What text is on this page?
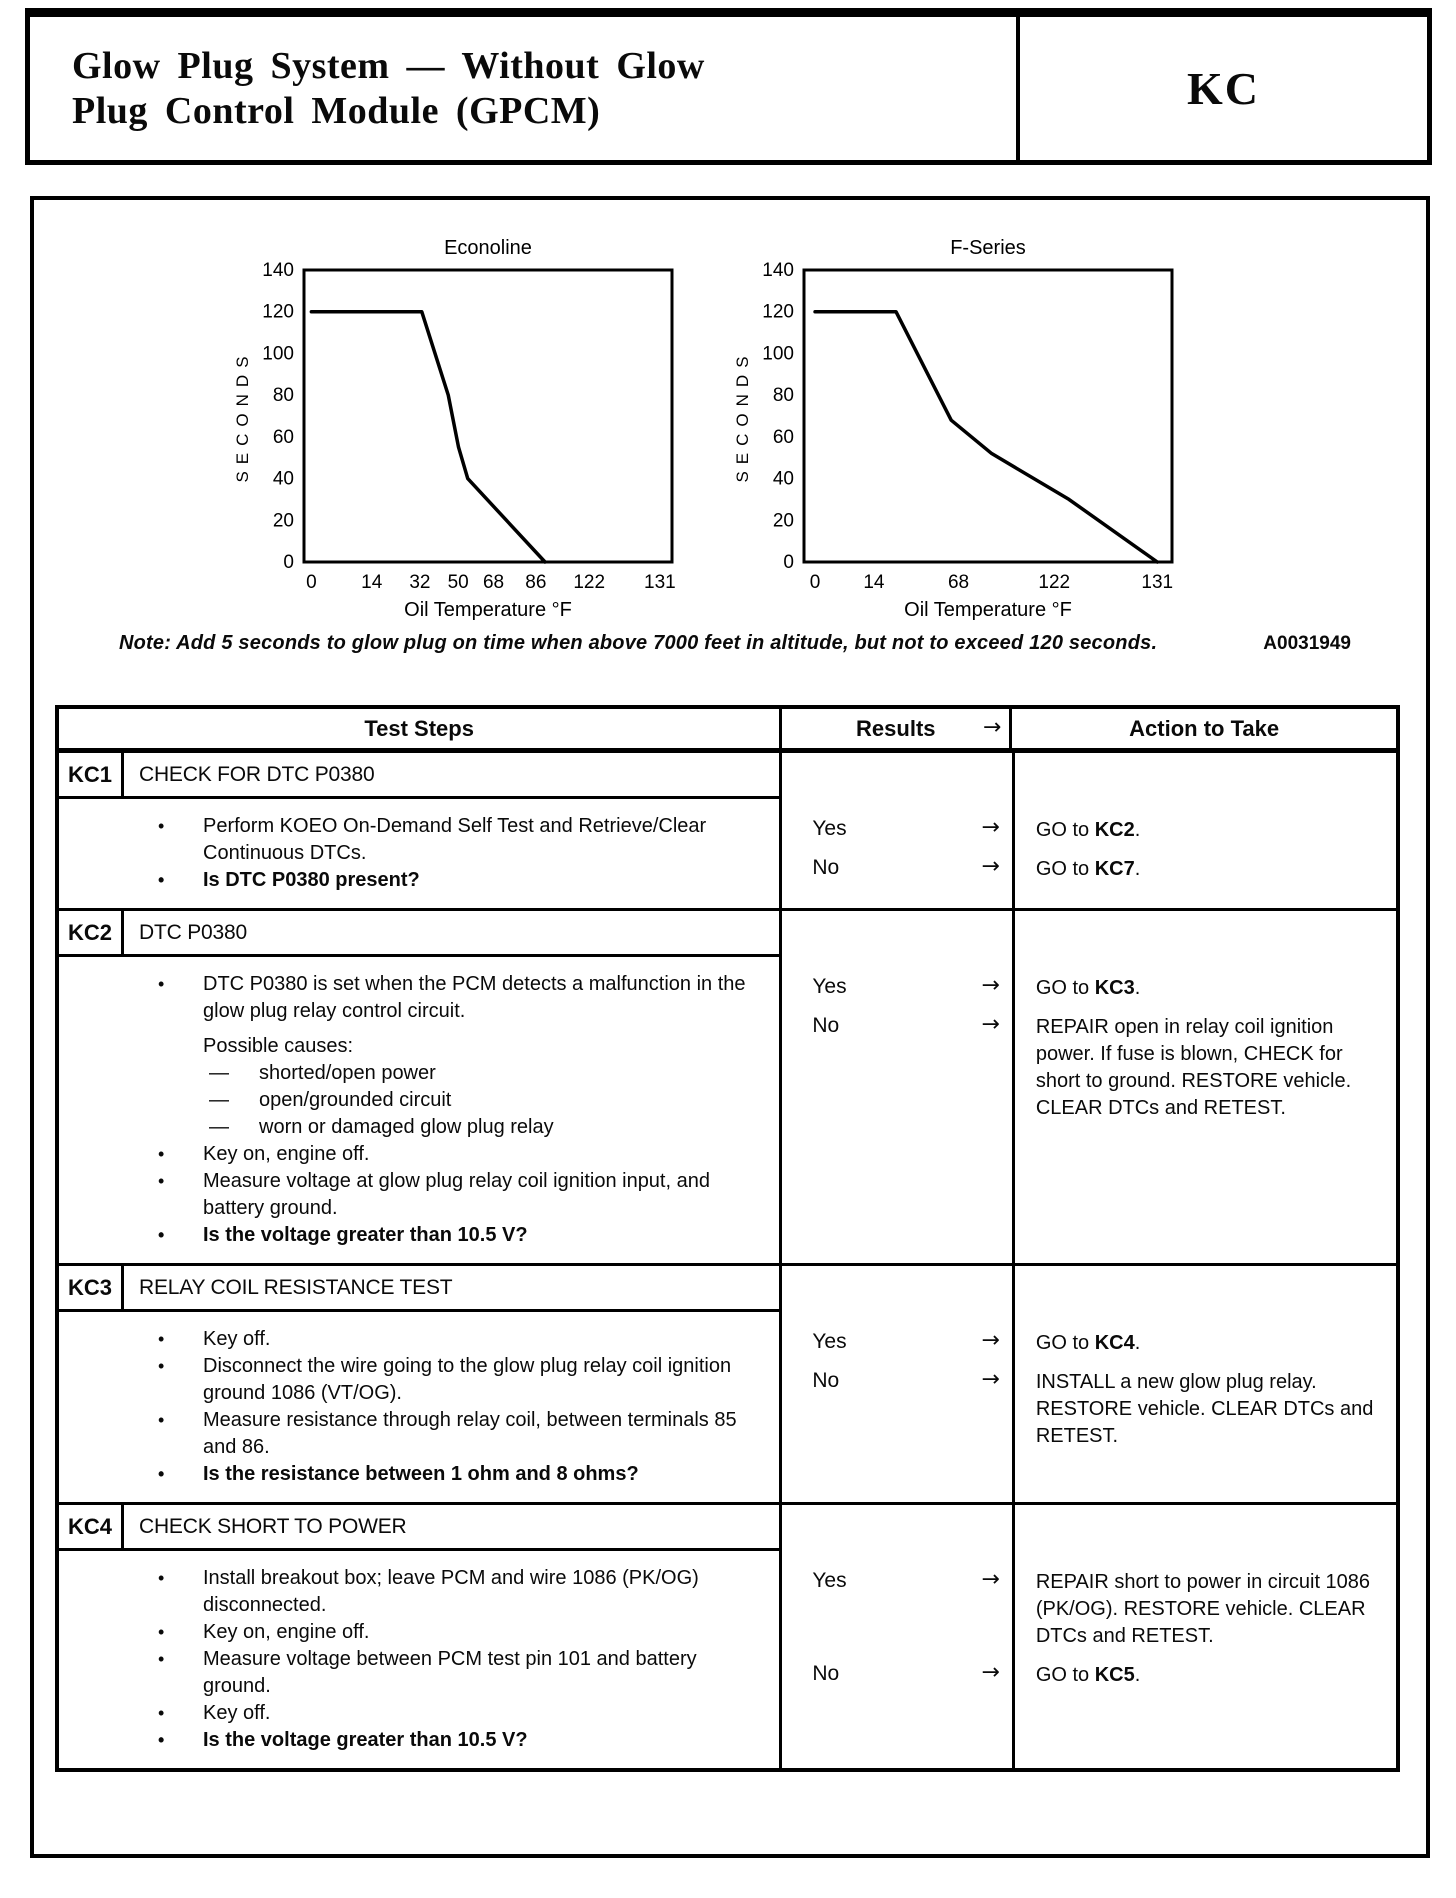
Glow Plug System — Without Glow
Plug Control Module (GPCM)	KC
Econoline
SECONDS
140
120
100
80
60
40
20
0
0 14 32 50 68 86 122 131
Oil Temperature °F
F-Series
SECONDS
140
120
100
80
60
40
20
0
0 14	68	122	131
Oil Temperature °F
Note: Add 5 seconds to glow plug on time when above 7000 feet in altitude, but not to exceed 120 seconds.	A0031949
Test Steps	Results	→	Action to Take
KC1	CHECK FOR DTC P0380
•	Perform KOEO On-Demand Self Test and Retrieve/Clear Continuous DTCs.
•	Is DTC P0380 present?
Yes	→	GO to KC2.
No	→	GO to KC7.
KC2	DTC P0380
•	DTC P0380 is set when the PCM detects a malfunction in the glow plug relay control circuit.
Possible causes:
—	shorted/open power
—	open/grounded circuit
—	worn or damaged glow plug relay
•	Key on, engine off.
•	Measure voltage at glow plug relay coil ignition input, and battery ground.
•	Is the voltage greater than 10.5 V?
Yes	→	GO to KC3.
No	→	REPAIR open in relay coil ignition power. If fuse is blown, CHECK for short to ground. RESTORE vehicle. CLEAR DTCs and RETEST.
KC3	RELAY COIL RESISTANCE TEST
•	Key off.
•	Disconnect the wire going to the glow plug relay coil ignition ground 1086 (VT/OG).
•	Measure resistance through relay coil, between terminals 85 and 86.
•	Is the resistance between 1 ohm and 8 ohms?
Yes	→	GO to KC4.
No	→	INSTALL a new glow plug relay. RESTORE vehicle. CLEAR DTCs and RETEST.
KC4	CHECK SHORT TO POWER
•	Install breakout box; leave PCM and wire 1086 (PK/OG) disconnected.
•	Key on, engine off.
•	Measure voltage between PCM test pin 101 and battery ground.
•	Key off.
•	Is the voltage greater than 10.5 V?
Yes	→	REPAIR short to power in circuit 1086 (PK/OG). RESTORE vehicle. CLEAR DTCs and RETEST.
No	→	GO to KC5.
